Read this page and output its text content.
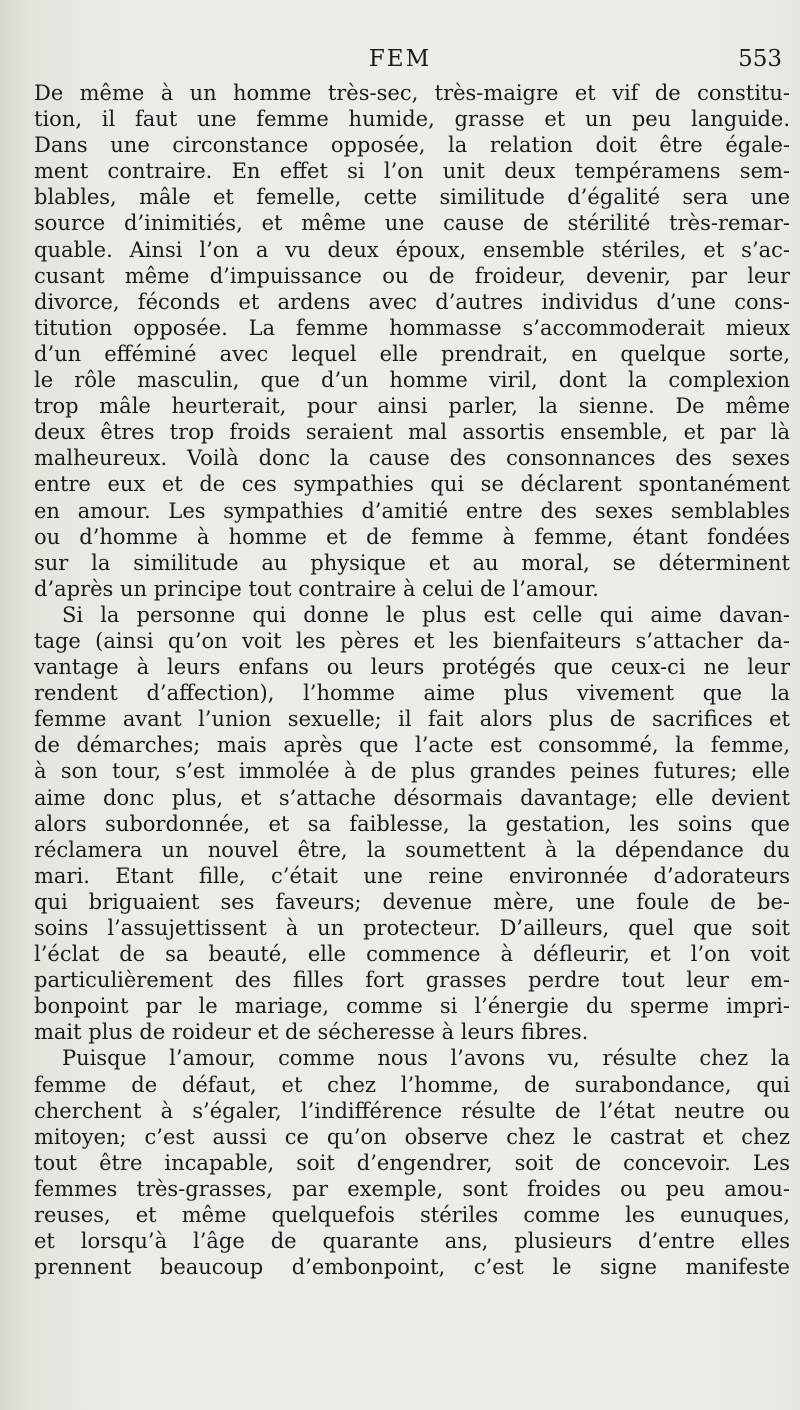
FEM	553
De même à un homme très-sec, très-maigre et vif de constitu-
tion, il faut une femme humide, grasse et un peu languide.
Dans une circonstance opposée, la relation doit être égale-
ment contraire. En effet si l’on unit deux tempéramens sem-
blables, mâle et femelle, cette similitude d’égalité sera une
source d’inimitiés, et même une cause de stérilité très-remar-
quable. Ainsi l’on a vu deux époux, ensemble stériles, et s’ac-
cusant même d’impuissance ou de froideur, devenir, par leur
divorce, féconds et ardens avec d’autres individus d’une cons-
titution opposée. La femme hommasse s’accommoderait mieux
d’un efféminé avec lequel elle prendrait, en quelque sorte,
le rôle masculin, que d’un homme viril, dont la complexion
trop mâle heurterait, pour ainsi parler, la sienne. De même
deux êtres trop froids seraient mal assortis ensemble, et par là
malheureux. Voilà donc la cause des consonnances des sexes
entre eux et de ces sympathies qui se déclarent spontanément
en amour. Les sympathies d’amitié entre des sexes semblables
ou d’homme à homme et de femme à femme, étant fondées
sur la similitude au physique et au moral, se déterminent
d’après un principe tout contraire à celui de l’amour.
Si la personne qui donne le plus est celle qui aime davan-
tage (ainsi qu’on voit les pères et les bienfaiteurs s’attacher da-
vantage à leurs enfans ou leurs protégés que ceux-ci ne leur
rendent d’affection), l’homme aime plus vivement que la
femme avant l’union sexuelle; il fait alors plus de sacrifices et
de démarches; mais après que l’acte est consommé, la femme,
à son tour, s’est immolée à de plus grandes peines futures; elle
aime donc plus, et s’attache désormais davantage; elle devient
alors subordonnée, et sa faiblesse, la gestation, les soins que
réclamera un nouvel être, la soumettent à la dépendance du
mari. Etant fille, c’était une reine environnée d’adorateurs
qui briguaient ses faveurs; devenue mère, une foule de be-
soins l’assujettissent à un protecteur. D’ailleurs, quel que soit
l’éclat de sa beauté, elle commence à défleurir, et l’on voit
particulièrement des filles fort grasses perdre tout leur em-
bonpoint par le mariage, comme si l’énergie du sperme impri-
mait plus de roideur et de sécheresse à leurs fibres.
Puisque l’amour, comme nous l’avons vu, résulte chez la
femme de défaut, et chez l’homme, de surabondance, qui
cherchent à s’égaler, l’indifférence résulte de l’état neutre ou
mitoyen; c’est aussi ce qu’on observe chez le castrat et chez
tout être incapable, soit d’engendrer, soit de concevoir. Les
femmes très-grasses, par exemple, sont froides ou peu amou-
reuses, et même quelquefois stériles comme les eunuques,
et lorsqu’à l’âge de quarante ans, plusieurs d’entre elles
prennent beaucoup d’embonpoint, c’est le signe manifeste
